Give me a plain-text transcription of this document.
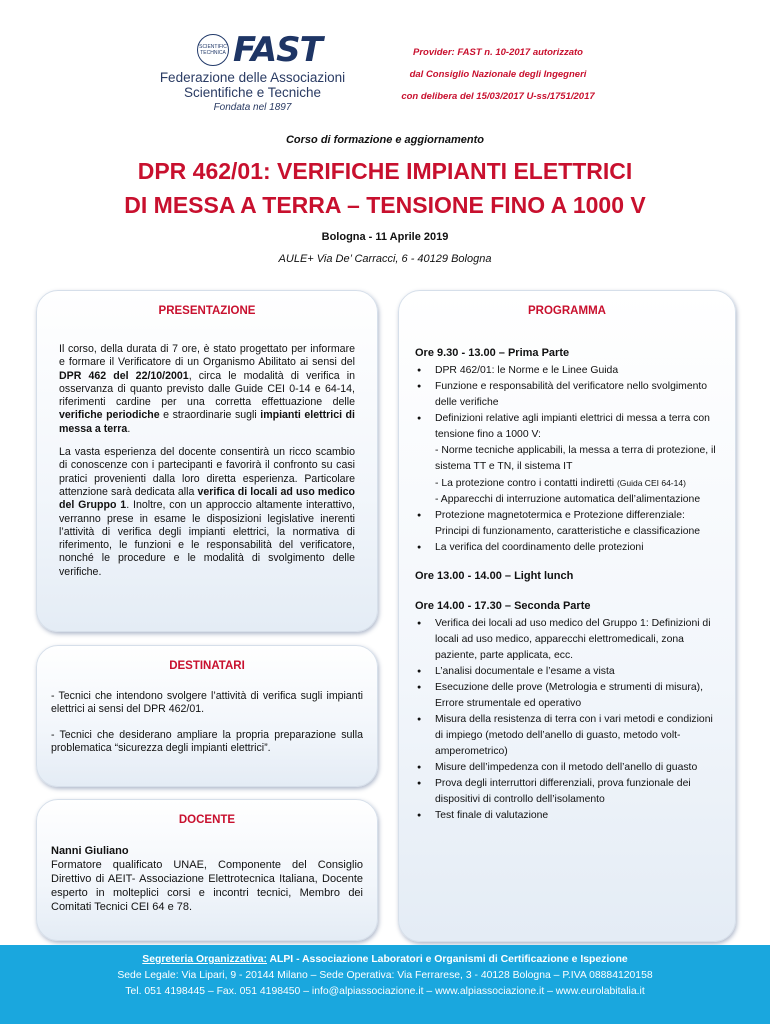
SCIENTIFIC TECHNICA FAST
Federazione delle Associazioni
Scientifiche e Tecniche
Fondata nel 1897
Provider: FAST n. 10-2017 autorizzato
dal Consiglio Nazionale degli Ingegneri
con delibera del 15/03/2017 U-ss/1751/2017
Corso di formazione e aggiornamento
DPR 462/01: VERIFICHE IMPIANTI ELETTRICI
DI MESSA A TERRA – TENSIONE FINO A 1000 V
Bologna - 11 Aprile 2019
AULE+ Via De’ Carracci, 6 - 40129 Bologna
PRESENTAZIONE

Il corso, della durata di 7 ore, è stato progettato per informare e formare il Verificatore di un Organismo Abilitato ai sensi del DPR 462 del 22/10/2001, circa le modalità di verifica in osservanza di quanto previsto dalle Guide CEI 0-14 e 64-14, riferimenti cardine per una corretta effettuazione delle verifiche periodiche e straordinarie sugli impianti elettrici di messa a terra.

La vasta esperienza del docente consentirà un ricco scambio di conoscenze con i partecipanti e favorirà il confronto su casi pratici provenienti dalla loro diretta esperienza. Particolare attenzione sarà dedicata alla verifica di locali ad uso medico del Gruppo 1. Inoltre, con un approccio altamente interattivo, verranno prese in esame le disposizioni legislative inerenti l’attività di verifica degli impianti elettrici, la normativa di riferimento, le funzioni e le responsabilità del verificatore, nonché le procedure e le modalità di svolgimento delle verifiche.

DESTINATARI

- Tecnici che intendono svolgere l’attività di verifica sugli impianti elettrici ai sensi del DPR 462/01.

- Tecnici che desiderano ampliare la propria preparazione sulla problematica “sicurezza degli impianti elettrici”.

DOCENTE
Nanni Giuliano
Formatore qualificato UNAE, Componente del Consiglio Direttivo di AEIT- Associazione Elettrotecnica Italiana, Docente esperto in molteplici corsi e incontri tecnici, Membro dei Comitati Tecnici CEI 64 e 78.
PROGRAMMA
Ore 9.30 - 13.00 – Prima Parte
● DPR 462/01: le Norme e le Linee Guida
● Funzione e responsabilità del verificatore nello svolgimento delle verifiche
● Definizioni relative agli impianti elettrici di messa a terra con tensione fino a 1000 V:
- Norme tecniche applicabili, la messa a terra di protezione, il sistema TT e TN, il sistema IT
- La protezione contro i contatti indiretti (Guida CEI 64-14)
- Apparecchi di interruzione automatica dell’alimentazione
● Protezione magnetotermica e Protezione differenziale: Principi di funzionamento, caratteristiche e classificazione
● La verifica del coordinamento delle protezioni
Ore 13.00 - 14.00 – Light lunch
Ore 14.00 - 17.30 – Seconda Parte
● Verifica dei locali ad uso medico del Gruppo 1: Definizioni di locali ad uso medico, apparecchi elettromedicali, zona paziente, parte applicata, ecc.
● L’analisi documentale e l’esame a vista
● Esecuzione delle prove (Metrologia e strumenti di misura), Errore strumentale ed operativo
● Misura della resistenza di terra con i vari metodi e condizioni di impiego (metodo dell’anello di guasto, metodo volt-amperometrico)
● Misure dell’impedenza con il metodo dell’anello di guasto
● Prova degli interruttori differenziali, prova funzionale dei dispositivi di controllo dell’isolamento
● Test finale di valutazione
Segreteria Organizzativa: ALPI - Associazione Laboratori e Organismi di Certificazione e Ispezione
Sede Legale: Via Lipari, 9 - 20144 Milano – Sede Operativa: Via Ferrarese, 3 - 40128 Bologna – P.IVA 08884120158
Tel. 051 4198445 – Fax. 051 4198450 – info@alpiassociazione.it – www.alpiassociazione.it – www.eurolabitalia.it
